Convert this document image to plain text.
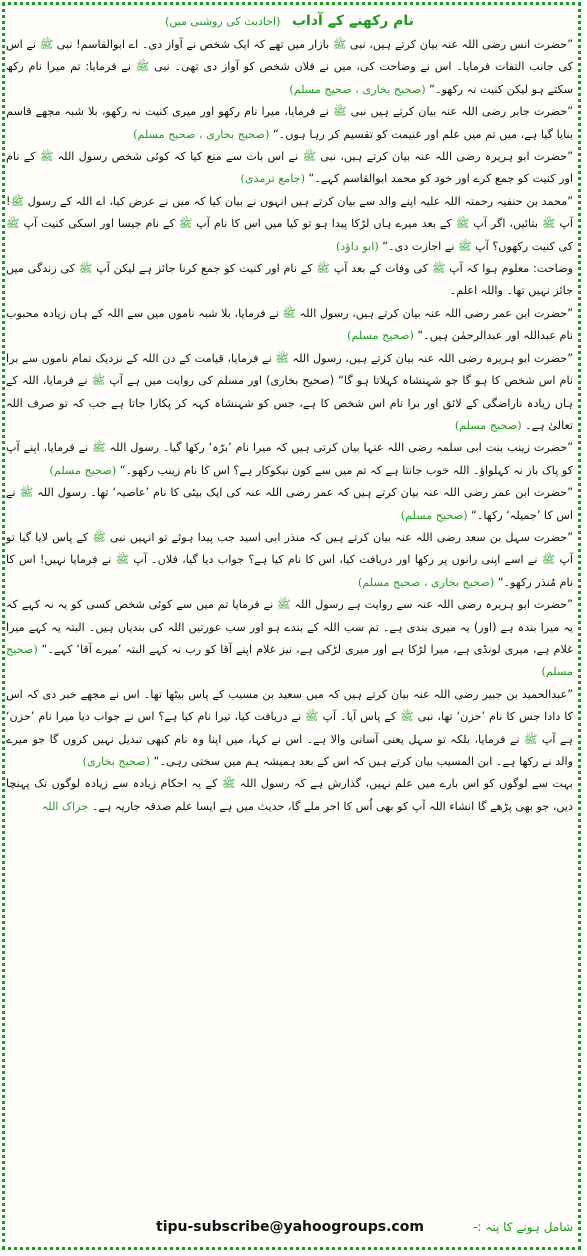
نام رکھنے کے آداب (احادیث کی روشنی میں)

”حضرت انس رضی اللہ عنہ بیان کرتے ہیں، نبی ﷺ بازار میں تھے کہ ایک شخص نے آواز دی۔ اے ابوالقاسم! نبی ﷺ نے اس کی جانب التفات فرمایا۔ اس نے وضاحت کی، میں نے فلاں شخص کو آواز دی تھی۔ نبی ﷺ نے فرمایا: تم میرا نام رکھ سکتے ہو لیکن کنیت نہ رکھو۔“ (صحیح بخاری ، صحیح مسلم)

”حضرت جابر رضی اللہ عنہ بیان کرتے ہیں نبی ﷺ نے فرمایا، میرا نام رکھو اور میری کنیت نہ رکھو، بلا شبہ مجھے قاسم بنایا گیا ہے، میں تم میں علم اور غنیمت کو تقسیم کر رہا ہوں۔“ (صحیح بخاری ، صحیح مسلم)

”حضرت ابو ہریرہ رضی اللہ عنہ بیان کرتے ہیں، نبی ﷺ نے اس بات سے منع کیا کہ کوئی شخص رسول اللہ ﷺ کے نام اور کنیت کو جمع کرے اور خود کو محمد ابوالقاسم کہے۔“ (جامع ترمذی)

”محمد بن حنفیہ رحمتہ اللہ علیہ اپنے والد سے بیان کرتے ہیں انہوں نے بیان کیا کہ میں نے عرض کیا، اے اللہ کے رسول ﷺ! آپ ﷺ بتائیں، اگر آپ ﷺ کے بعد میرے ہاں لڑکا پیدا ہو تو کیا میں اس کا نام آپ ﷺ کے نام جیسا اور اسکی کنیت آپ ﷺ کی کنیت رکھوں؟ آپ ﷺ نے اجازت دی۔“ (ابو داؤد)

وضاحت: معلوم ہوا کہ آپ ﷺ کی وفات کے بعد آپ ﷺ کے نام اور کنیت کو جمع کرنا جائز ہے لیکن آپ ﷺ کی زندگی میں جائز نہیں تھا۔ واللہ اعلم۔

”حضرت ابن عمر رضی اللہ عنہ بیان کرتے ہیں، رسول اللہ ﷺ نے فرمایا، بلا شبہ ناموں میں سے اللہ کے ہاں زیادہ محبوب نام عبداللہ اور عبدالرحمٰن ہیں۔“ (صحیح مسلم)

”حضرت ابو ہریرہ رضی اللہ عنہ بیان کرتے ہیں، رسول اللہ ﷺ نے فرمایا، قیامت کے دن اللہ کے نزدیک تمام ناموں سے برا نام اس شخص کا ہو گا جو شہنشاہ کہلاتا ہو گا“ (صحیح بخاری) اور مسلم کی روایت میں ہے آپ ﷺ نے فرمایا، اللہ کے ہاں زیادہ ناراضگی کے لائق اور برا نام اس شخص کا ہے، جس کو شہنشاہ کہہ کر پکارا جاتا ہے جب کہ تو صرف اللہ تعالیٰ ہے۔ (صحیح مسلم)

”حضرت زینب بنت ابی سلمہ رضی اللہ عنہا بیان کرتی ہیں کہ میرا نام ’برّہ‘ رکھا گیا۔ رسول اللہ ﷺ نے فرمایا، اپنے آپ کو پاک باز نہ کہلواؤ۔ اللہ خوب جانتا ہے کہ تم میں سے کون نیکوکار ہے؟ اس کا نام زینب رکھو۔“ (صحیح مسلم)

”حضرت ابن عمر رضی اللہ عنہ بیان کرتے ہیں کہ عمر رضی اللہ عنہ کی ایک بیٹی کا نام ’عاصیہ‘ تھا۔ رسول اللہ ﷺ نے اس کا ’جمیلہ‘ رکھا۔“ (صحیح مسلم)

”حضرت سہل بن سعد رضی اللہ عنہ بیان کرتے ہیں کہ منذر ابی اسید جب پیدا ہوئے تو انہیں نبی ﷺ کے پاس لایا گیا تو آپ ﷺ نے اسے اپنی رانوں پر رکھا اور دریافت کیا، اس کا نام کیا ہے؟ جواب دیا گیا، فلاں۔ آپ ﷺ نے فرمایا نہیں! اس کا نام مُنذر رکھو۔“ (صحیح بخاری ، صحیح مسلم)

”حضرت ابو ہریرہ رضی اللہ عنہ سے روایت ہے رسول اللہ ﷺ نے فرمایا تم میں سے کوئی شخص کسی کو یہ نہ کہے کہ یہ میرا بندہ ہے (اور) یہ میری بندی ہے۔ تم سب اللہ کے بندے ہو اور سب عورتیں اللہ کی بندیاں ہیں۔ البتہ یہ کہے میرا غلام ہے، میری لونڈی ہے، میرا لڑکا ہے اور میری لڑکی ہے، نیز غلام اپنے آقا کو رب نہ کہے البتہ ’میرے آقا‘ کہے۔“ (صحیح مسلم)

”عبدالحمید بن جبیر رضی اللہ عنہ بیان کرتے ہیں کہ میں سعید بن مسیب کے پاس بیٹھا تھا۔ اس نے مجھے خبر دی کہ اس کا دادا جس کا نام ’حزن‘ تھا، نبی ﷺ کے پاس آیا۔ آپ ﷺ نے دریافت کیا، تیرا نام کیا ہے؟ اس نے جواب دیا میرا نام ’حزن‘ ہے آپ ﷺ نے فرمایا، بلکہ تو سہل یعنی آسانی والا ہے۔ اس نے کہا، میں اپنا وہ نام کبھی تبدیل نہیں کروں گا جو میرے والد نے رکھا ہے۔ ابن المسیب بیان کرتے ہیں کہ اس کے بعد ہمیشہ ہم میں سختی رہی۔“ (صحیح بخاری)

بہت سے لوگوں کو اس بارے میں علم نہیں، گذارش ہے کہ رسول اللہ ﷺ کے یہ احکام زیادہ سے زیادہ لوگوں تک پہنچا دیں، جو بھی پڑھے گا انشاء اللہ آپ کو بھی اُس کا اجر ملے گا، حدیث میں ہے ایسا علم صدقہ جاریہ ہے۔ جزاک اللہ

شامل ہونے کا پتہ :-
tipu-subscribe@yahoogroups.com
